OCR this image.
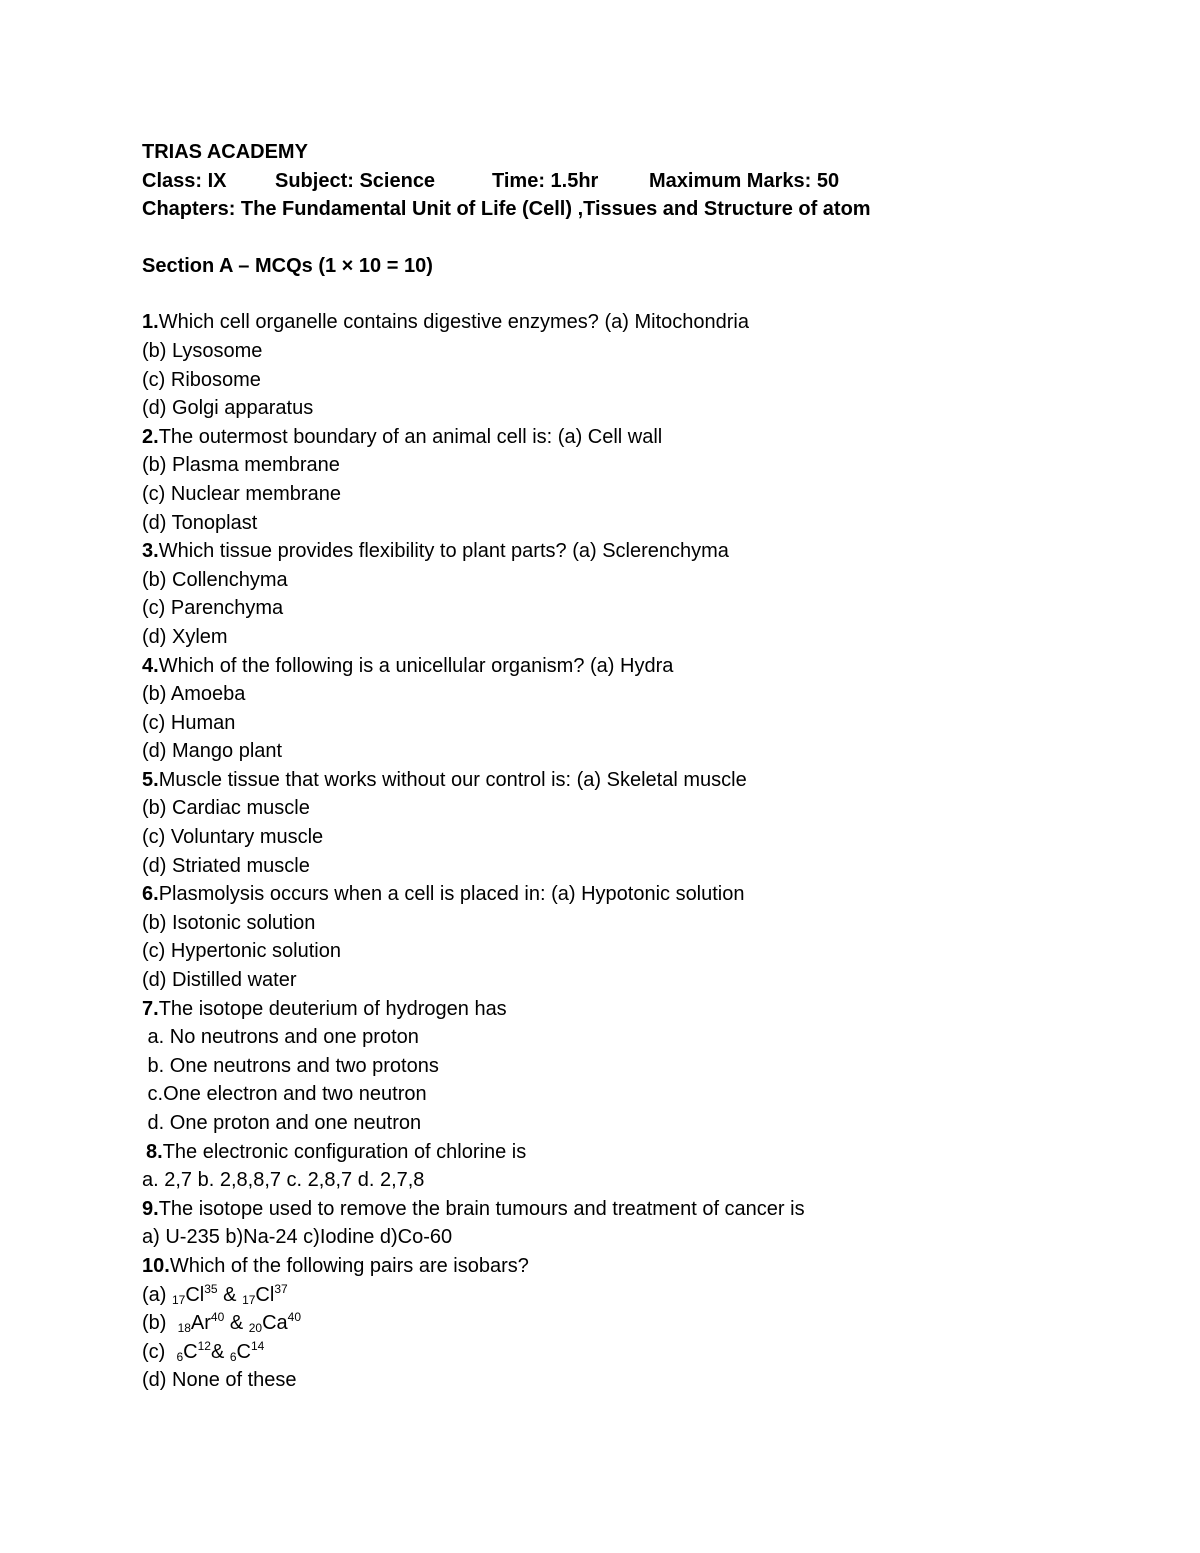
TRIAS ACADEMY
Class: IX	Subject: Science	Time: 1.5hr	Maximum Marks: 50
Chapters: The Fundamental Unit of Life (Cell) ,Tissues and Structure of atom
Section A – MCQs (1 × 10 = 10)
1.Which cell organelle contains digestive enzymes? (a) Mitochondria
(b) Lysosome
(c) Ribosome
(d) Golgi apparatus
2.The outermost boundary of an animal cell is: (a) Cell wall
(b) Plasma membrane
(c) Nuclear membrane
(d) Tonoplast
3.Which tissue provides flexibility to plant parts? (a) Sclerenchyma
(b) Collenchyma
(c) Parenchyma
(d) Xylem
4.Which of the following is a unicellular organism? (a) Hydra
(b) Amoeba
(c) Human
(d) Mango plant
5.Muscle tissue that works without our control is: (a) Skeletal muscle
(b) Cardiac muscle
(c) Voluntary muscle
(d) Striated muscle
6.Plasmolysis occurs when a cell is placed in: (a) Hypotonic solution
(b) Isotonic solution
(c) Hypertonic solution
(d) Distilled water
7.The isotope deuterium of hydrogen has
a. No neutrons and one proton
b. One neutrons and two protons
c.One electron and two neutron
d. One proton and one neutron
8.The electronic configuration of chlorine is
a. 2,7 b. 2,8,8,7 c. 2,8,7 d. 2,7,8
9.The isotope used to remove the brain tumours and treatment of cancer is
a) U-235 b)Na-24 c)Iodine d)Co-60
10.Which of the following pairs are isobars?
(a) $_{17}Cl^{35}$ & $_{17}Cl^{37}$
(b)  $_{18}Ar^{40}$ & $_{20}Ca^{40}$
(c)  $_6C^{12}\&$ $_6C^{14}$
(d) None of these
